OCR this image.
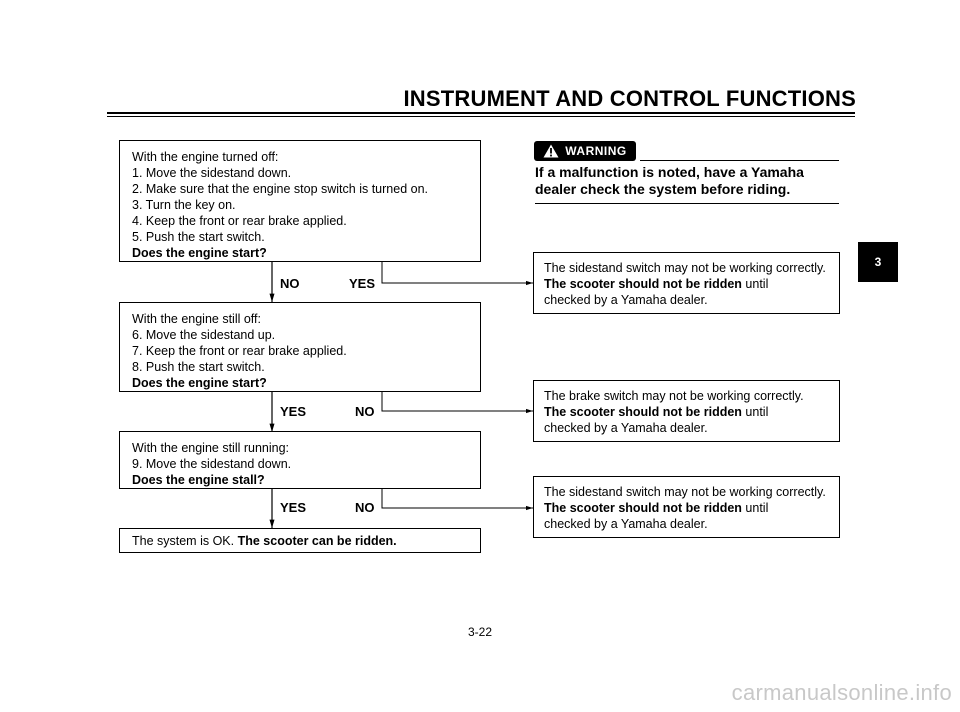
INSTRUMENT AND CONTROL FUNCTIONS
With the engine turned off:
1. Move the sidestand down.
2. Make sure that the engine stop switch is turned on.
3. Turn the key on.
4. Keep the front or rear brake applied.
5. Push the start switch.
Does the engine start?
NO	YES
With the engine still off:
6. Move the sidestand up.
7. Keep the front or rear brake applied.
8. Push the start switch.
Does the engine start?
YES	NO
With the engine still running:
9. Move the sidestand down.
Does the engine stall?
YES	NO
The system is OK. The scooter can be ridden.
The sidestand switch may not be working correctly.
The scooter should not be ridden until
checked by a Yamaha dealer.
The brake switch may not be working correctly.
The scooter should not be ridden until
checked by a Yamaha dealer.
The sidestand switch may not be working correctly.
The scooter should not be ridden until
checked by a Yamaha dealer.
WARNING
If a malfunction is noted, have a Yamaha dealer check the system before riding.
3
3-22
carmanualsonline.info
